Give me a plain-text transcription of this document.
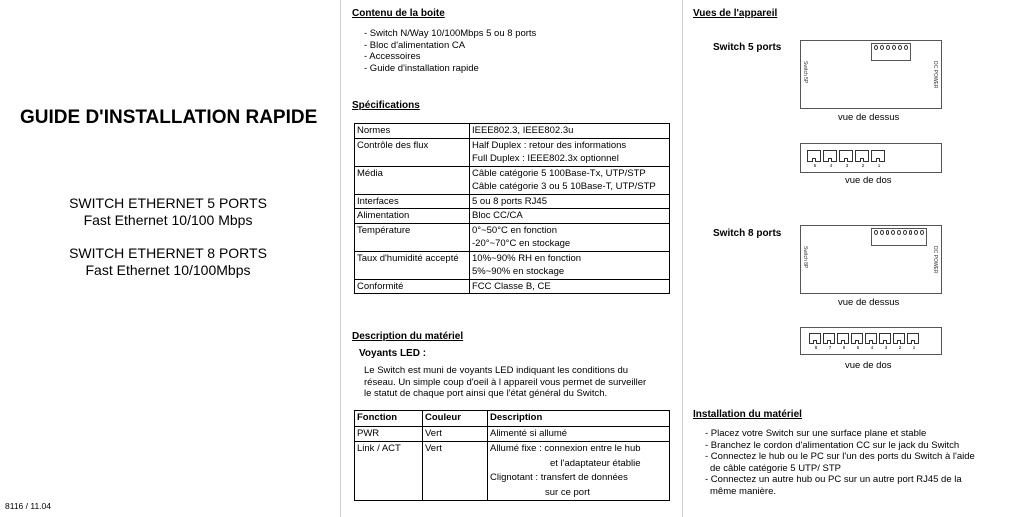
GUIDE D'INSTALLATION RAPIDE
SWITCH ETHERNET 5 PORTS
Fast Ethernet 10/100 Mbps
SWITCH ETHERNET 8 PORTS
Fast Ethernet 10/100Mbps
8116 / 11.04
Contenu de la boite
- Switch N/Way 10/100Mbps 5 ou 8 ports
- Bloc d'alimentation CA
- Accessoires
- Guide d'installation rapide
Spécifications
Normes	IEEE802.3, IEEE802.3u

Contrôle des flux	Half Duplex : retour des informations
Full Duplex : IEEE802.3x optionnel

Média	Câble catégorie 5 100Base-Tx, UTP/STP
Câble catégorie 3 ou 5 10Base-T, UTP/STP

Interfaces	5 ou 8 ports RJ45

Alimentation	Bloc CC/CA

Température	0°~50°C en fonction
-20°~70°C en stockage

Taux d'humidité accepté	10%~90% RH en fonction
5%~90% en stockage

Conformité	FCC Classe B, CE
Description du matériel
Voyants LED :
Le Switch est muni de voyants LED indiquant les conditions du
réseau. Un simple coup d'oeil à l appareil vous permet de surveiller
le statut de chaque port ainsi que l'état général du Switch.
Fonction	Couleur	Description
PWR	Vert	Alimenté si allumé
Link / ACT	Vert	Allumé fixe : connexion entre le hub
et l'adaptateur établie
Clignotant : transfert de données
sur ce port
Vues de l'appareil
Switch 5 ports
Switch 5P	DC POWER
vue de dessus
5	4	3	2	1
vue de dos
Switch 8 ports
Switch 8P	DC POWER
vue de dessus
8	7	6	5	4	3	2	1
vue de dos
Installation du matériel
- Placez votre Switch sur une surface plane et stable
- Branchez le cordon d'alimentation CC sur le jack du Switch
- Connectez le hub ou le PC sur l'un des ports du Switch à l'aide
de câble catégorie 5 UTP/ STP
- Connectez un autre hub ou PC sur un autre port RJ45 de la
même manière.
